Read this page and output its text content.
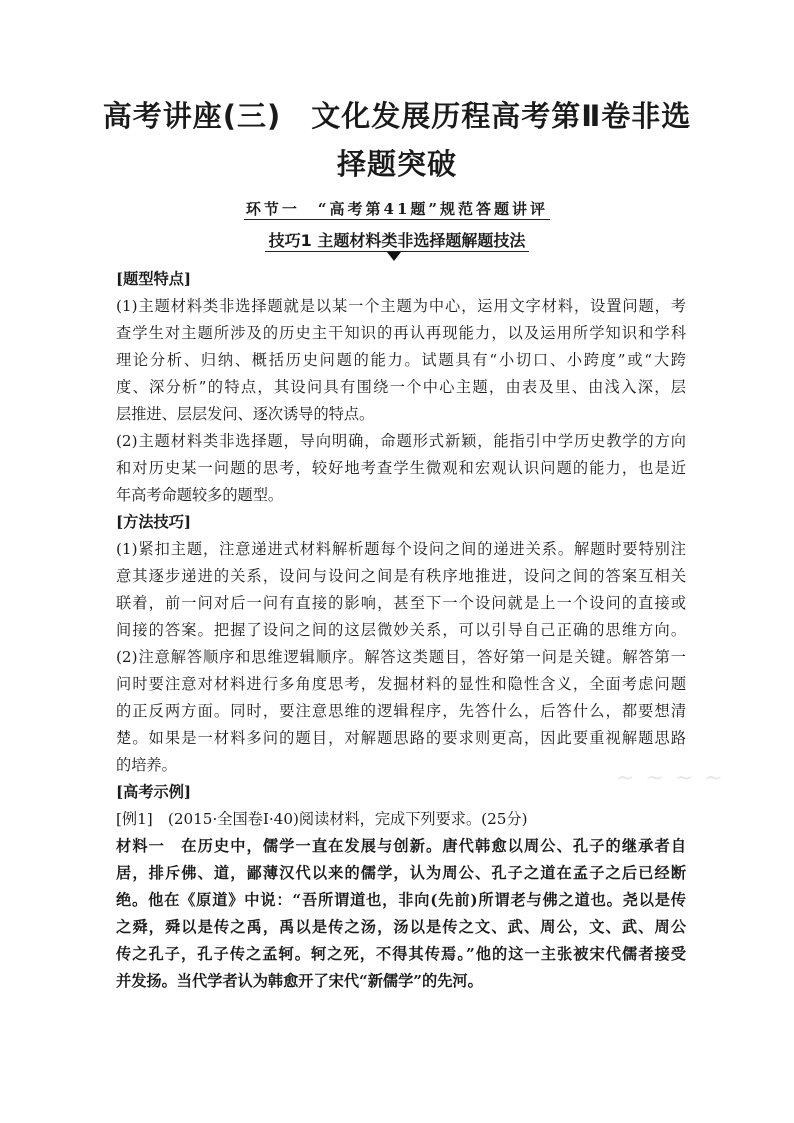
高考讲座(三)　文化发展历程高考第Ⅱ卷非选
择题突破

环节一　“高考第41题”规范答题讲评

技巧1 主题材料类非选择题解题技法

[题型特点]

(1)主题材料类非选择题就是以某一个主题为中心，运用文字材料，设置问题，考

查学生对主题所涉及的历史主干知识的再认再现能力，以及运用所学知识和学科

理论分析、归纳、概括历史问题的能力。试题具有“小切口、小跨度”或“大跨

度、深分析”的特点，其设问具有围绕一个中心主题，由表及里、由浅入深，层

层推进、层层发问、逐次诱导的特点。

(2)主题材料类非选择题，导向明确，命题形式新颖，能指引中学历史教学的方向

和对历史某一问题的思考，较好地考查学生微观和宏观认识问题的能力，也是近

年高考命题较多的题型。

[方法技巧]

(1)紧扣主题，注意递进式材料解析题每个设问之间的递进关系。解题时要特别注

意其逐步递进的关系，设问与设问之间是有秩序地推进，设问之间的答案互相关

联着，前一问对后一问有直接的影响，甚至下一个设问就是上一个设问的直接或

间接的答案。把握了设问之间的这层微妙关系，可以引导自己正确的思维方向。

(2)注意解答顺序和思维逻辑顺序。解答这类题目，答好第一问是关键。解答第一

问时要注意对材料进行多角度思考，发掘材料的显性和隐性含义，全面考虑问题

的正反两方面。同时，要注意思维的逻辑程序，先答什么，后答什么，都要想清

楚。如果是一材料多问的题目，对解题思路的要求则更高，因此要重视解题思路

的培养。

[高考示例]

[例1]　(2015·全国卷Ⅰ·40)阅读材料，完成下列要求。(25分)

材料一　在历史中，儒学一直在发展与创新。唐代韩愈以周公、孔子的继承者自

居，排斥佛、道，鄙薄汉代以来的儒学，认为周公、孔子之道在孟子之后已经断

绝。他在《原道》中说：“吾所谓道也，非向(先前)所谓老与佛之道也。尧以是传

之舜，舜以是传之禹，禹以是传之汤，汤以是传之文、武、周公，文、武、周公

传之孔子，孔子传之孟轲。轲之死，不得其传焉。”他的这一主张被宋代儒者接受

并发扬。当代学者认为韩愈开了宋代“新儒学”的先河。

~ ~ ~ ~
